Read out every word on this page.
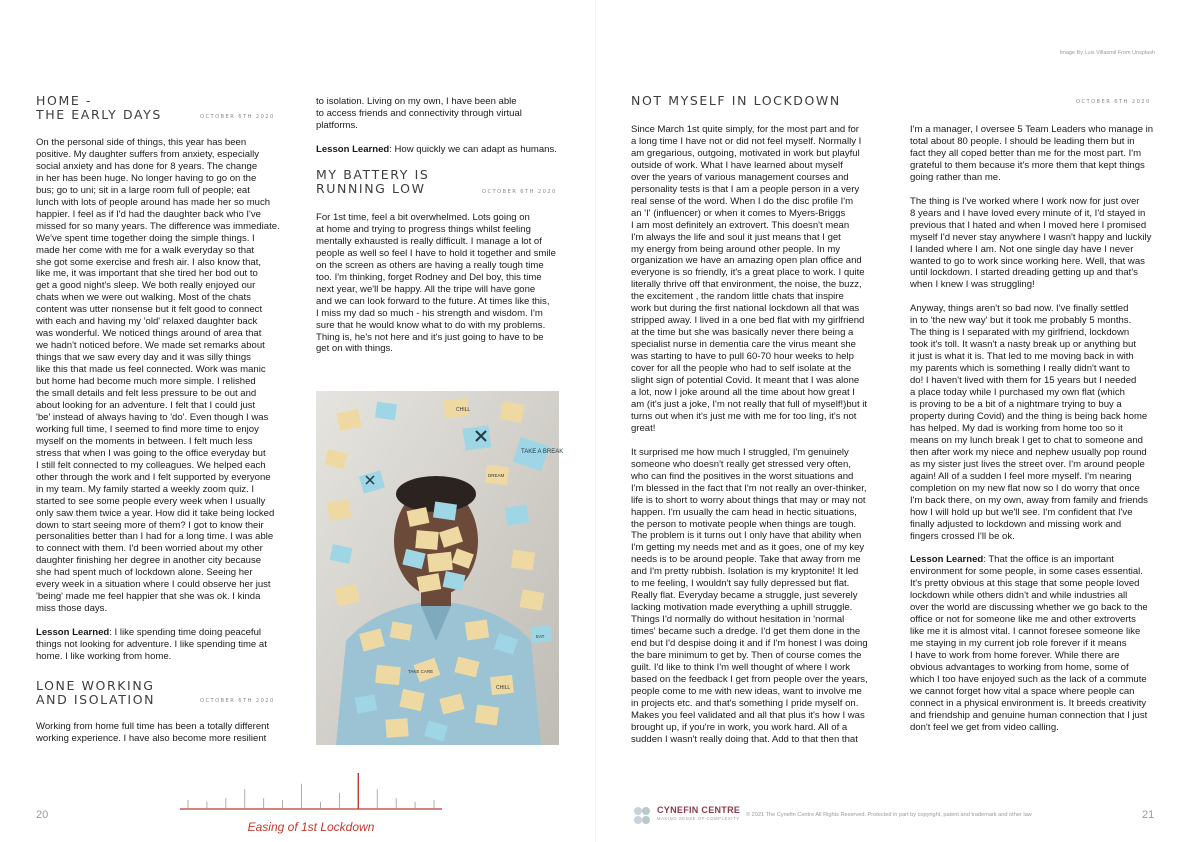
HOME -
THE EARLY DAYS	OCTOBER 6TH 2020

On the personal side of things, this year has been
positive. My daughter suffers from anxiety, especially
social anxiety and has done for 8 years. The change
in her has been huge. No longer having to go on the
bus; go to uni; sit in a large room full of people; eat
lunch with lots of people around has made her so much
happier. I feel as if I'd had the daughter back who I've
missed for so many years. The difference was immediate.
We've spent time together doing the simple things. I
made her come with me for a walk everyday so that
she got some exercise and fresh air. I also know that,
like me, it was important that she tired her bod out to
get a good night's sleep. We both really enjoyed our
chats when we were out walking. Most of the chats
content was utter nonsense but it felt good to connect
with each and having my 'old' relaxed daughter back
was wonderful. We noticed things around of area that
we hadn't noticed before. We made set remarks about
things that we saw every day and it was silly things
like this that made us feel connected. Work was manic
but home had become much more simple. I relished
the small details and felt less pressure to be out and
about looking for an adventure. I felt that I could just
'be' instead of always having to 'do'. Even though I was
working full time, I seemed to find more time to enjoy
myself on the moments in between. I felt much less
stress that when I was going to the office everyday but
I still felt connected to my colleagues. We helped each
other through the work and I felt supported by everyone
in my team. My family started a weekly zoom quiz. I
started to see some people every week when I usually
only saw them twice a year. How did it take being locked
down to start seeing more of them? I got to know their
personalities better than I had for a long time. I was able
to connect with them. I'd been worried about my other
daughter finishing her degree in another city because
she had spent much of lockdown alone. Seeing her
every week in a situation where I could observe her just
'being' made me feel happier that she was ok. I kinda
miss those days.

Lesson Learned: I like spending time doing peaceful
things not looking for adventure. I like spending time at
home. I like working from home.

LONE WORKING
AND ISOLATION	OCTOBER 6TH 2020

Working from home full time has been a totally different
working experience. I have also become more resilient

to isolation. Living on my own, I have been able
to access friends and connectivity through virtual
platforms.

Lesson Learned: How quickly we can adapt as humans.

MY BATTERY IS
RUNNING LOW	OCTOBER 6TH 2020

For 1st time, feel a bit overwhelmed. Lots going on
at home and trying to progress things whilst feeling
mentally exhausted is really difficult. I manage a lot of
people as well so feel I have to hold it together and smile
on the screen as others are having a really tough time
too. I'm thinking, forget Rodney and Del boy, this time
next year, we'll be happy. All the tripe will have gone
and we can look forward to the future. At times like this,
I miss my dad so much - his strength and wisdom. I'm
sure that he would know what to do with my problems.
Thing is, he's not here and it's just going to have to be
get on with things.

CHILL
TAKE A BREAK
DREAM
CHILL
TAKE CARE
EAT
Easing of 1st Lockdown
20
Image By Luis Villasmil From Unsplash
NOT MYSELF IN LOCKDOWN	OCTOBER 6TH 2020

Since March 1st quite simply, for the most part and for
a long time I have not or did not feel myself. Normally I
am gregarious, outgoing, motivated in work but playful
outside of work. What I have learned about myself
over the years of various management courses and
personality tests is that I am a people person in a very
real sense of the word. When I do the disc profile I'm
an 'I' (influencer) or when it comes to Myers-Briggs
I am most definitely an extrovert. This doesn't mean
I'm always the life and soul it just means that I get
my energy from being around other people. In my
organization we have an amazing open plan office and
everyone is so friendly, it's a great place to work. I quite
literally thrive off that environment, the noise, the buzz,
the excitement , the random little chats that inspire
work but during the first national lockdown all that was
stripped away. I lived in a one bed flat with my girlfriend
at the time but she was basically never there being a
specialist nurse in dementia care the virus meant she
was starting to have to pull 60-70 hour weeks to help
cover for all the people who had to self isolate at the
slight sign of potential Covid. It meant that I was alone
a lot, now I joke around all the time about how great I
am (it's just a joke, I'm not really that full of myself!)but it
turns out when it's just me with me for too ling, it's not
great!

It surprised me how much I struggled, I'm genuinely
someone who doesn't really get stressed very often,
who can find the positives in the worst situations and
I'm blessed in the fact that I'm not really an over-thinker,
life is to short to worry about things that may or may not
happen. I'm usually the cam head in hectic situations,
the person to motivate people when things are tough.
The problem is it turns out I only have that ability when
I'm getting my needs met and as it goes, one of my key
needs is to be around people. Take that away from me
and I'm pretty rubbish. Isolation is my kryptonite! It led
to me feeling, I wouldn't say fully depressed but flat.
Really flat. Everyday became a struggle, just severely
lacking motivation made everything a uphill struggle.
Things I'd normally do without hesitation in 'normal
times' became such a dredge. I'd get them done in the
end but I'd despise doing it and if I'm honest I was doing
the bare minimum to get by. Then of course comes the
guilt. I'd like to think I'm well thought of where I work
based on the feedback I get from people over the years,
people come to me with new ideas, want to involve me
in projects etc. and that's something I pride myself on.
Makes you feel validated and all that plus it's how I was
brought up, if you're in work, you work hard. All of a
sudden I wasn't really doing that. Add to that then that

I'm a manager, I oversee 5 Team Leaders who manage in
total about 80 people. I should be leading them but in
fact they all coped better than me for the most part. I'm
grateful to them because it's more them that kept things
going rather than me.

The thing is I've worked where I work now for just over
8 years and I have loved every minute of it, I'd stayed in
previous that I hated and when I moved here I promised
myself I'd never stay anywhere I wasn't happy and luckily
I landed where I am. Not one single day have I never
wanted to go to work since working here. Well, that was
until lockdown. I started dreading getting up and that's
when I knew I was struggling!

Anyway, things aren't so bad now. I've finally settled
in to 'the new way' but it took me probably 5 months.
The thing is I separated with my girlfriend, lockdown
took it's toll. It wasn't a nasty break up or anything but
it just is what it is. That led to me moving back in with
my parents which is something I really didn't want to
do! I haven't lived with them for 15 years but I needed
a place today while I purchased my own flat (which
is proving to be a bit of a nightmare trying to buy a
property during Covid) and the thing is being back home
has helped. My dad is working from home too so it
means on my lunch break I get to chat to someone and
then after work my niece and nephew usually pop round
as my sister just lives the street over. I'm around people
again! All of a sudden I feel more myself. I'm nearing
completion on my new flat now so I do worry that once
I'm back there, on my own, away from family and friends
how I will hold up but we'll see. I'm confident that I've
finally adjusted to lockdown and missing work and
fingers crossed I'll be ok.

Lesson Learned: That the office is an important
environment for some people, in some cases essential.
It's pretty obvious at this stage that some people loved
lockdown while others didn't and while industries all
over the world are discussing whether we go back to the
office or not for someone like me and other extroverts
like me it is almost vital. I cannot foresee someone like
me staying in my current job role forever if it means
I have to work from home forever. While there are
obvious advantages to working from home, some of
which I too have enjoyed such as the lack of a commute
we cannot forget how vital a space where people can
connect in a physical environment is. It breeds creativity
and friendship and genuine human connection that I just
don't feel we get from video calling.

CYNEFIN CENTRE
MAKING SENSE OF COMPLEXITY
© 2021 The Cynefin Centre All Rights Reserved. Protected in part by copyright, patent and trademark and other law	21
